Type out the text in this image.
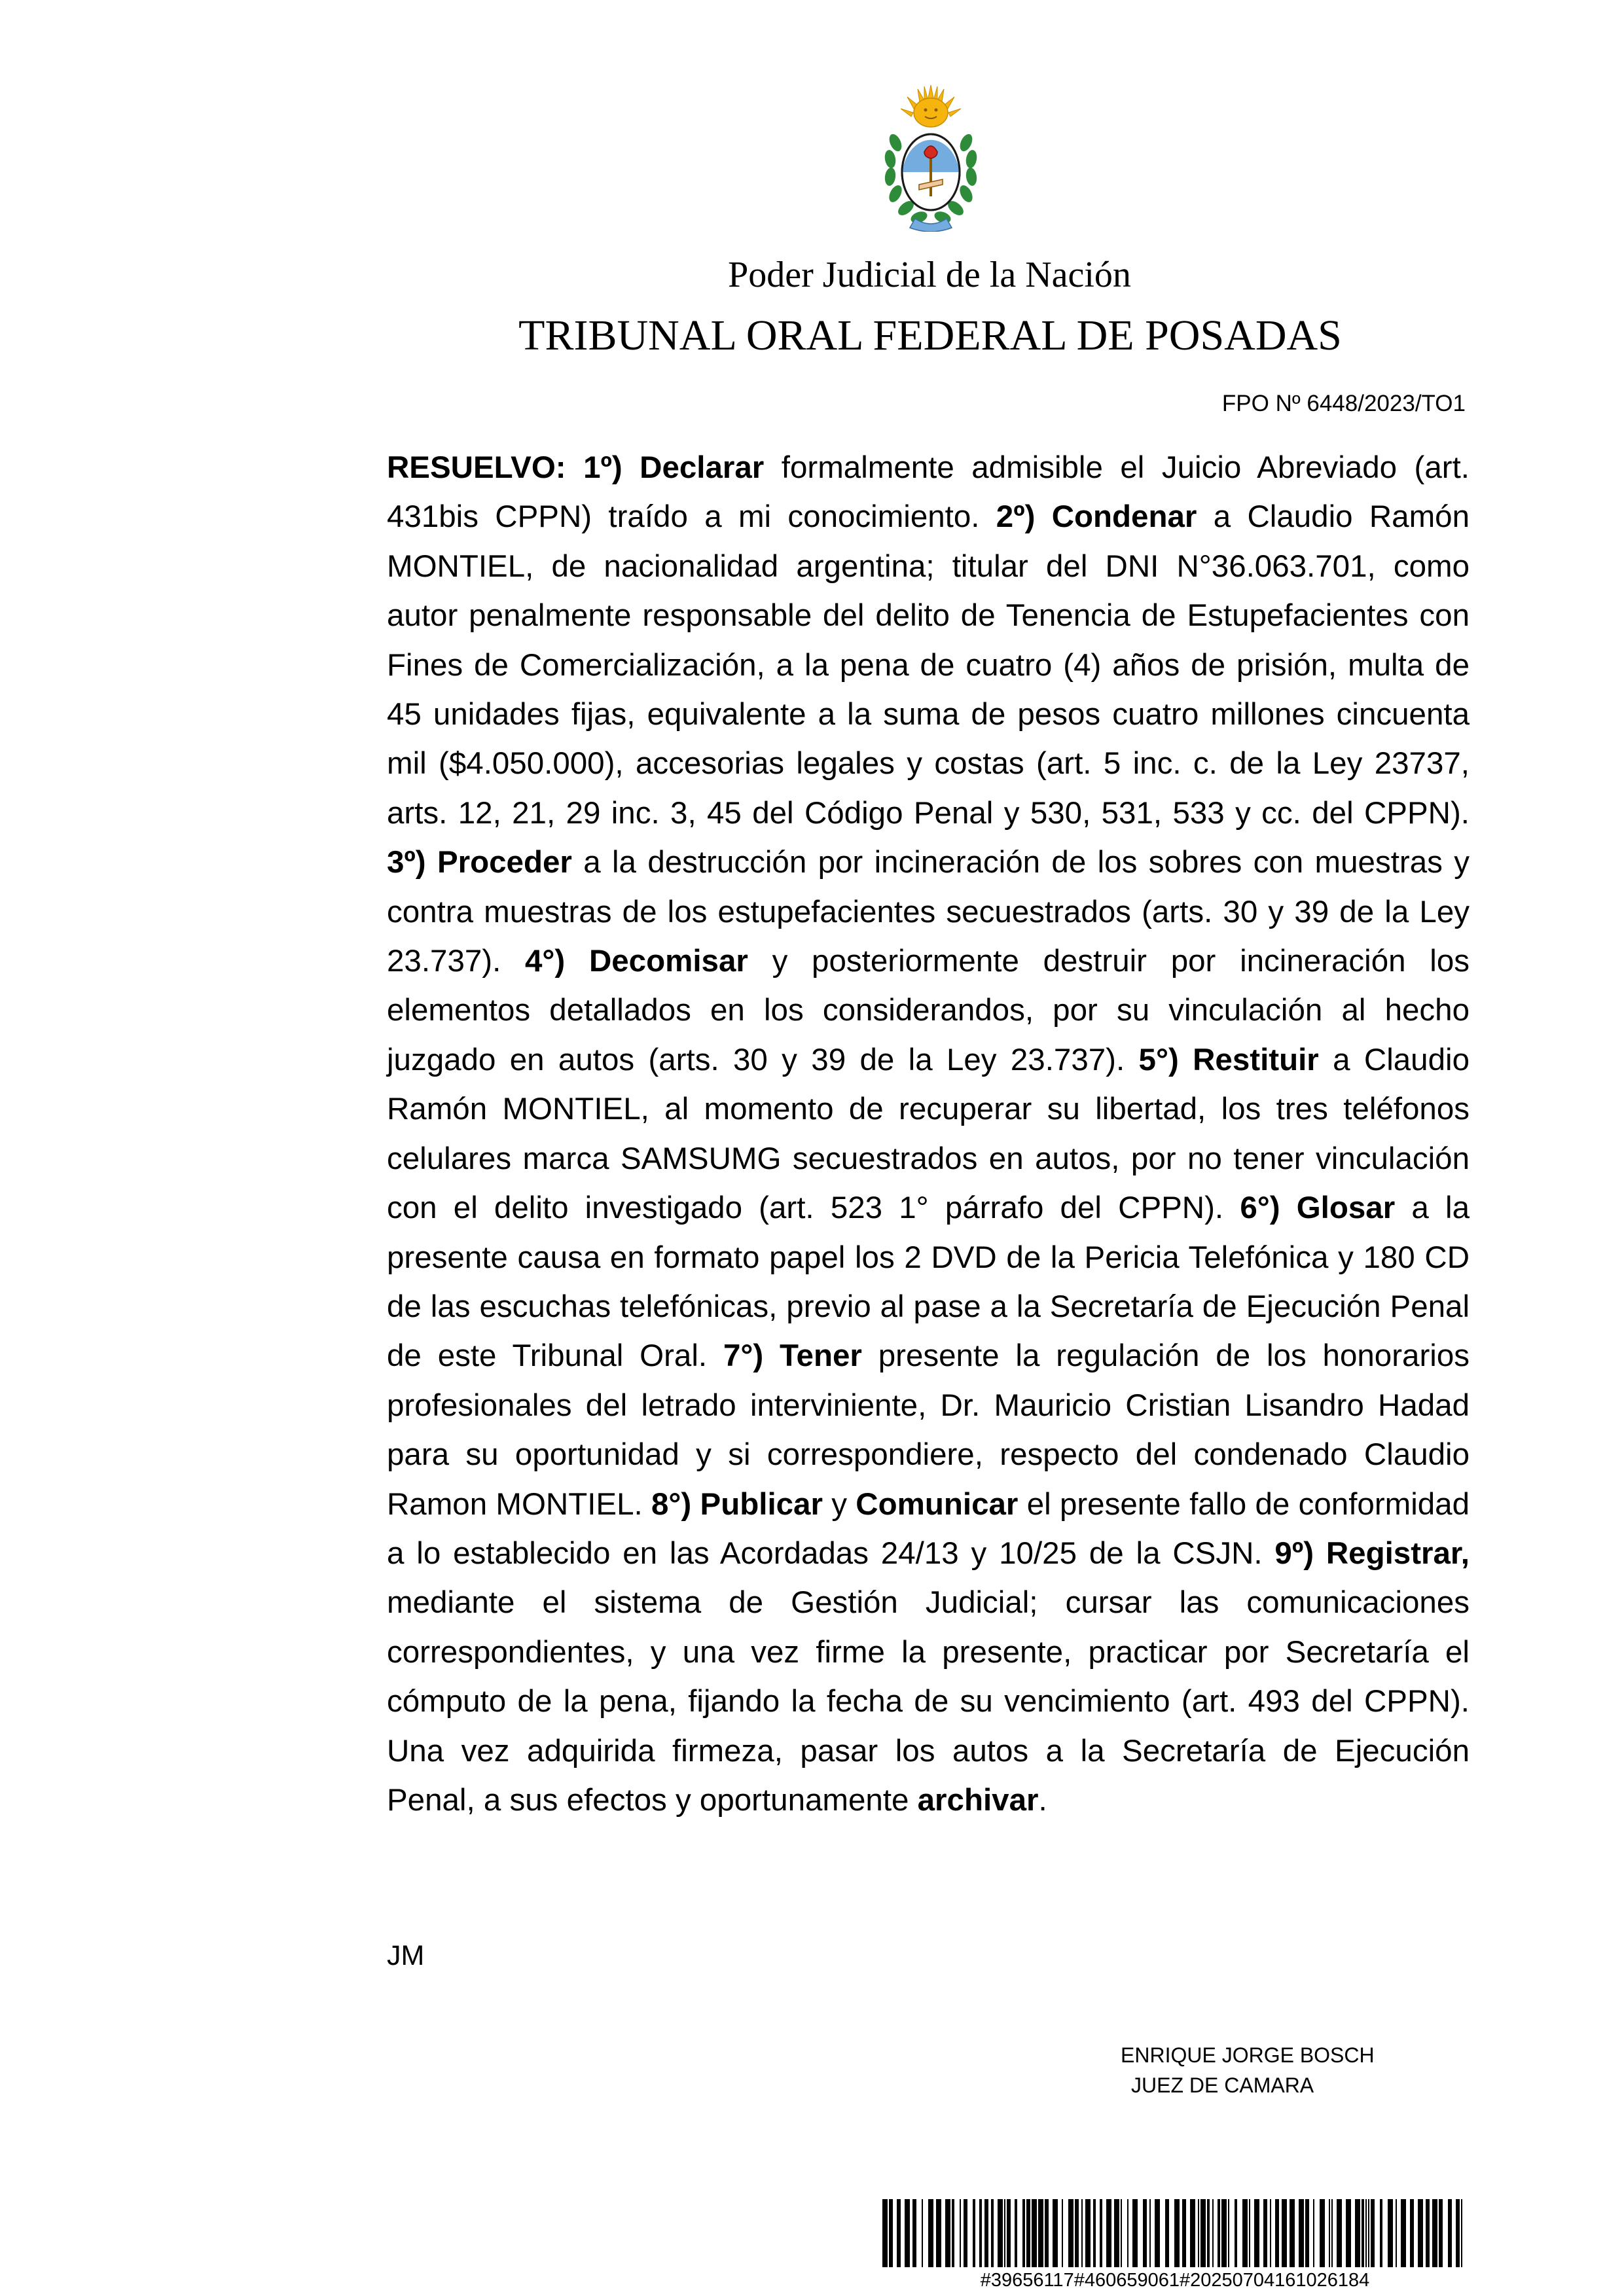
Poder Judicial de la Nación
TRIBUNAL ORAL FEDERAL DE POSADAS
FPO Nº 6448/2023/TO1
RESUELVO: 1º) Declarar formalmente admisible el Juicio Abreviado (art. 431bis CPPN) traído a mi conocimiento. 2º) Condenar a Claudio Ramón MONTIEL, de nacionalidad argentina; titular del DNI N°36.063.701, como autor penalmente responsable del delito de Tenencia de Estupefacientes con Fines de Comercialización, a la pena de cuatro (4) años de prisión, multa de 45 unidades fijas, equivalente a la suma de pesos cuatro millones cincuenta mil ($4.050.000), accesorias legales y costas (art. 5 inc. c. de la Ley 23737, arts. 12, 21, 29 inc. 3, 45 del Código Penal y 530, 531, 533 y cc. del CPPN). 3º) Proceder a la destrucción por incineración de los sobres con muestras y contra muestras de los estupefacientes secuestrados (arts. 30 y 39 de la Ley 23.737). 4°) Decomisar y posteriormente destruir por incineración los elementos detallados en los considerandos, por su vinculación al hecho juzgado en autos (arts. 30 y 39 de la Ley 23.737). 5°) Restituir a Claudio Ramón MONTIEL, al momento de recuperar su libertad, los tres teléfonos celulares marca SAMSUMG secuestrados en autos, por no tener vinculación con el delito investigado (art. 523 1° párrafo del CPPN). 6°) Glosar a la presente causa en formato papel los 2 DVD de la Pericia Telefónica y 180 CD de las escuchas telefónicas, previo al pase a la Secretaría de Ejecución Penal de este Tribunal Oral. 7°) Tener presente la regulación de los honorarios profesionales del letrado interviniente, Dr. Mauricio Cristian Lisandro Hadad para su oportunidad y si correspondiere, respecto del condenado Claudio Ramon MONTIEL. 8°) Publicar y Comunicar el presente fallo de conformidad a lo establecido en las Acordadas 24/13 y 10/25 de la CSJN. 9º) Registrar, mediante el sistema de Gestión Judicial; cursar las comunicaciones correspondientes, y una vez firme la presente, practicar por Secretaría el cómputo de la pena, fijando la fecha de su vencimiento (art. 493 del CPPN). Una vez adquirida firmeza, pasar los autos a la Secretaría de Ejecución Penal, a sus efectos y oportunamente archivar.
JM
ENRIQUE JORGE BOSCH
JUEZ DE CAMARA
#39656117#460659061#20250704161026184
